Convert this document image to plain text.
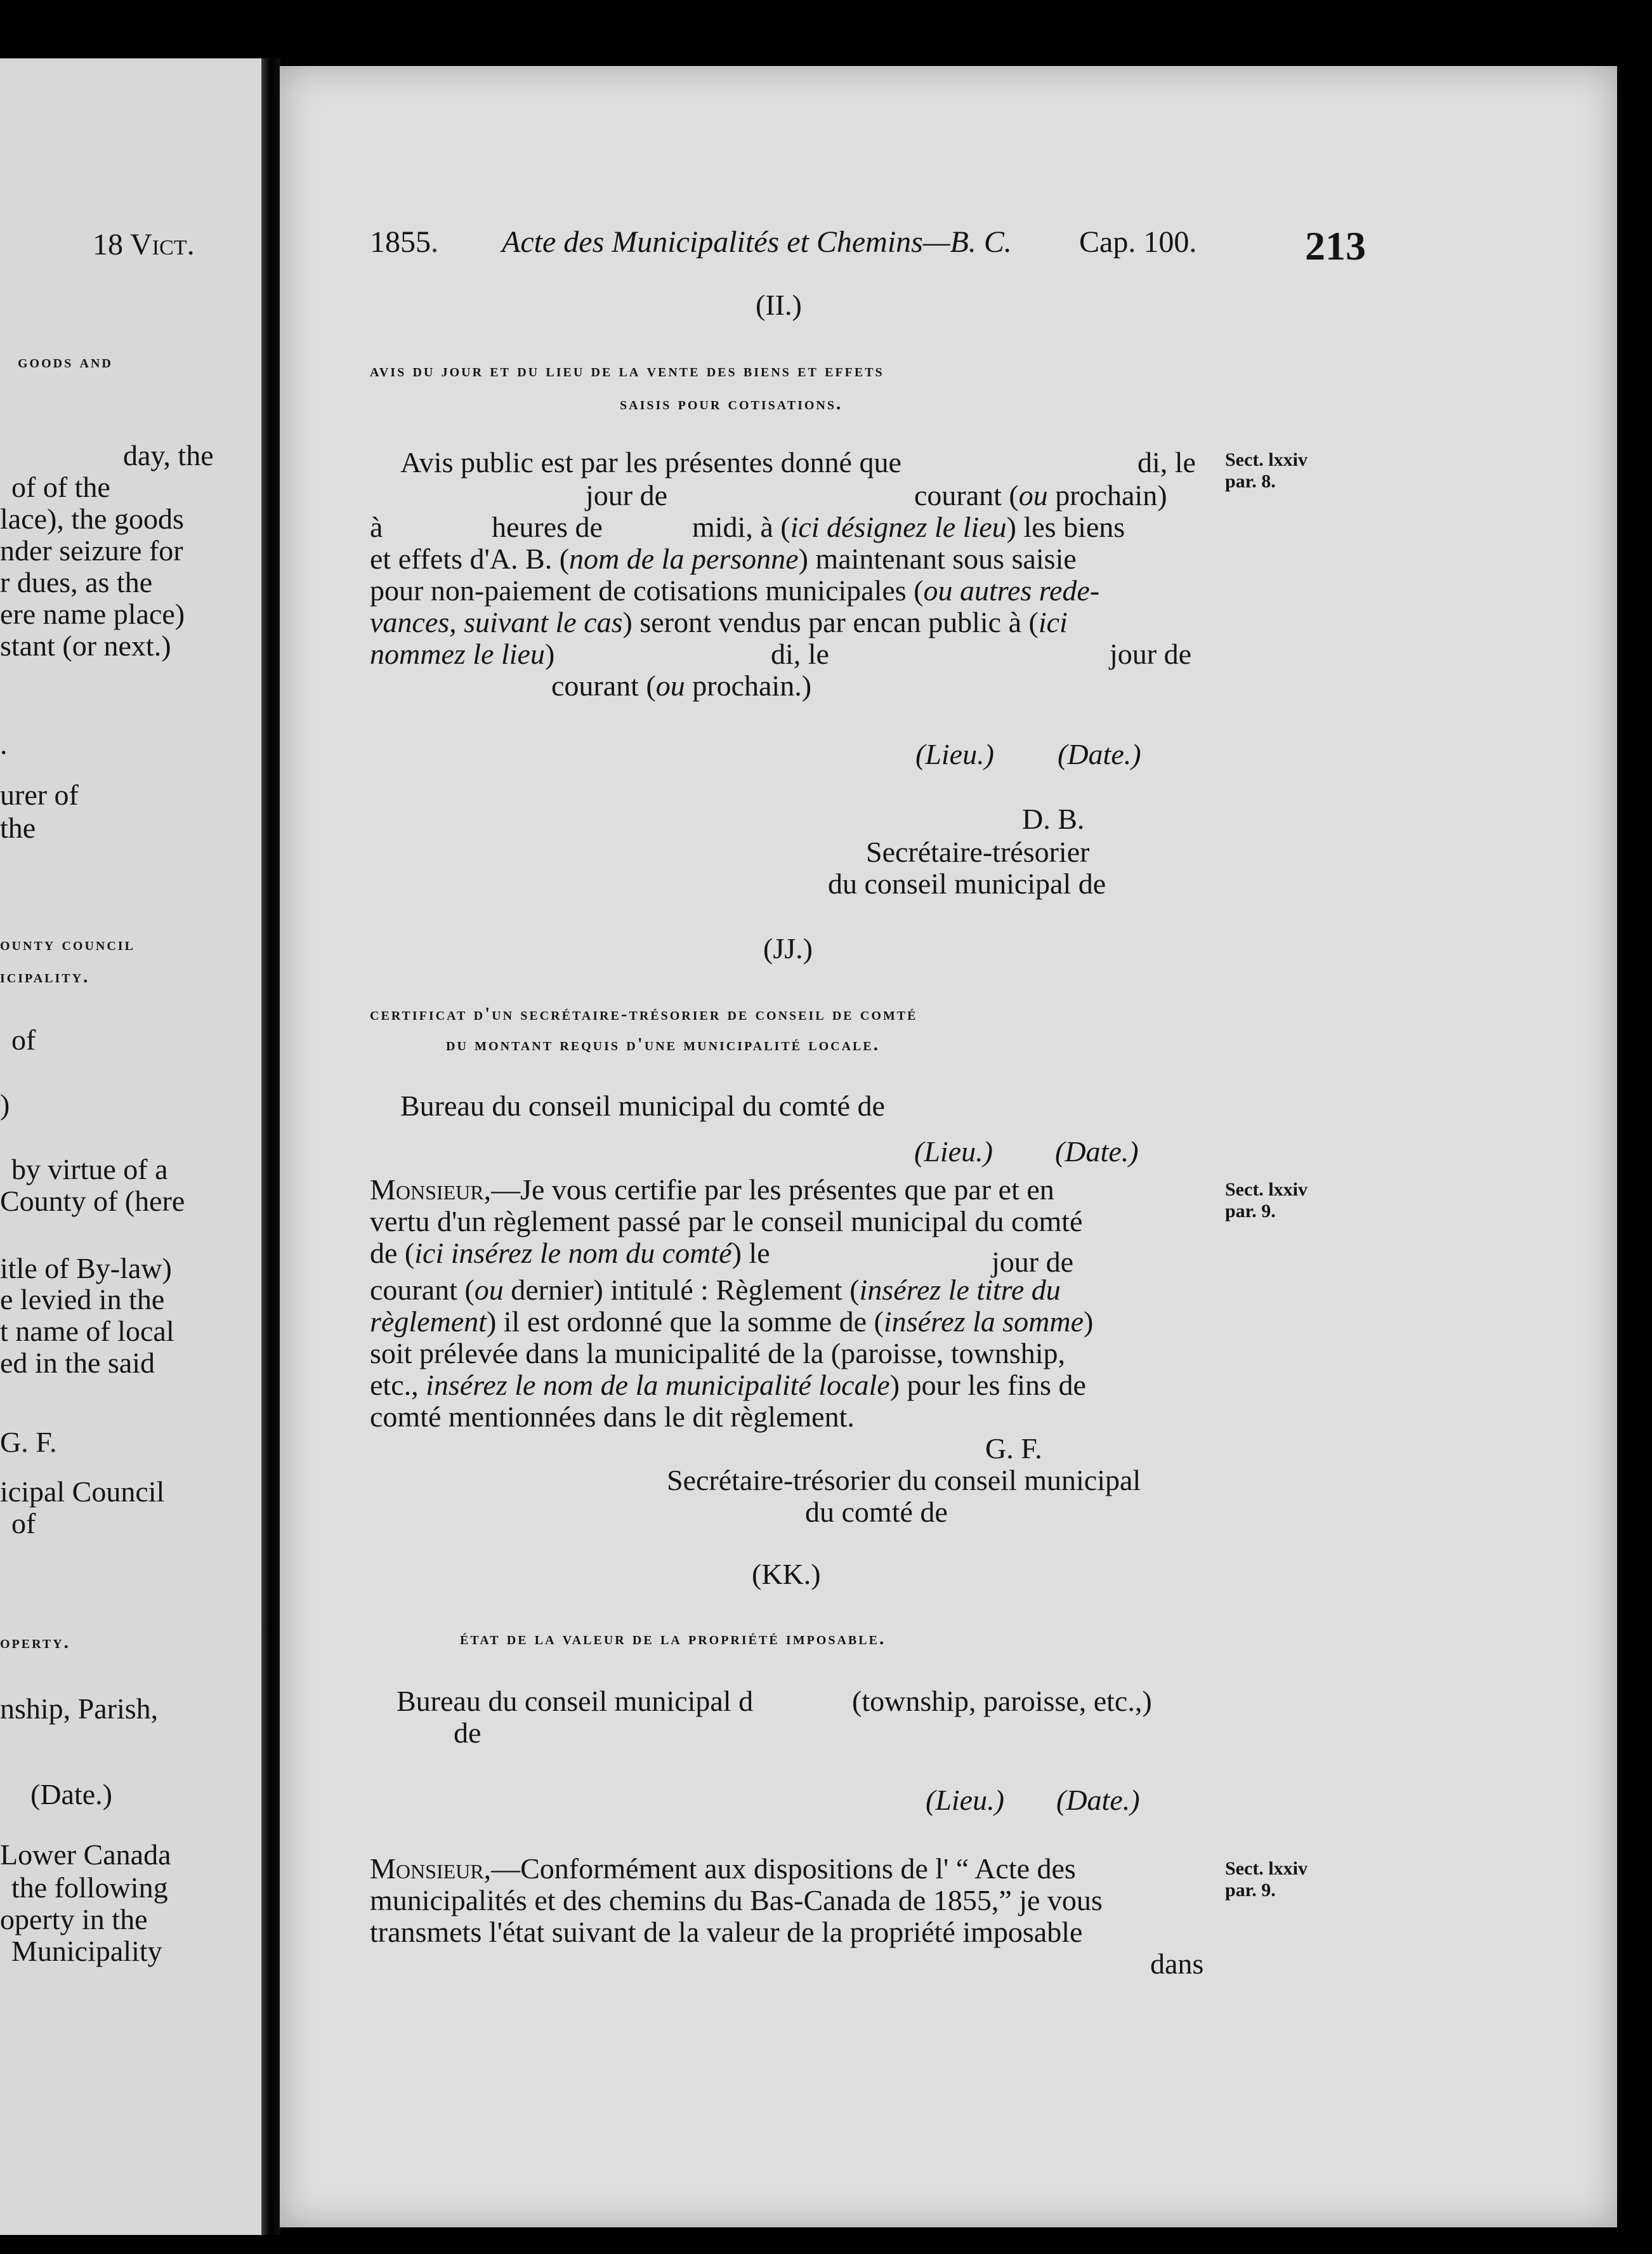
18 Vict.
goods and
day, the
of of the
lace), the goods
nder seizure for
r dues, as the
ere name place)
stant (or next.)
.
urer of
the
ounty council
icipality.
of
)
by virtue of a
County of (here
itle of By-law)
e levied in the
t name of local
ed in the said
G. F.
icipal Council
of
operty.
nship, Parish,
(Date.)
Lower Canada
the following
operty in the
Municipality
1855. Acte des Municipalités et Chemins—B. C. Cap. 100.	213
(II.)
avis du jour et du lieu de la vente des biens et effets
saisis pour cotisations.
Avis public est par les présentes donné que	di, le
jour de	courant (ou prochain)
à	heures de	midi, à (ici désignez le lieu) les biens
et effets d'A. B. (nom de la personne) maintenant sous saisie
pour non-paiement de cotisations municipales (ou autres rede-
vances, suivant le cas) seront vendus par encan public à (ici
nommez le lieu)	di, le	jour de
courant (ou prochain.)
(Lieu.) (Date.)
D. B.
Secrétaire-trésorier
du conseil municipal de
Sect. lxxiv
par. 8.
(JJ.)
certificat d'un secrétaire-trésorier de conseil de comté
du montant requis d'une municipalité locale.
Bureau du conseil municipal du comté de
(Lieu.) (Date.)
Monsieur,—Je vous certifie par les présentes que par et en
vertu d'un règlement passé par le conseil municipal du comté
de (ici insérez le nom du comté) le	jour de
courant (ou dernier) intitulé : Règlement (insérez le titre du
règlement) il est ordonné que la somme de (insérez la somme)
soit prélevée dans la municipalité de la (paroisse, township,
etc., insérez le nom de la municipalité locale) pour les fins de
comté mentionnées dans le dit règlement.
G. F.
Secrétaire-trésorier du conseil municipal
du comté de
Sect. lxxiv
par. 9.
(KK.)
état de la valeur de la propriété imposable.
Bureau du conseil municipal d	(township, paroisse, etc.,)
de
(Lieu.) (Date.)
Monsieur,—Conformément aux dispositions de l' “ Acte des
municipalités et des chemins du Bas-Canada de 1855,” je vous
transmets l'état suivant de la valeur de la propriété imposable
dans
Sect. lxxiv
par. 9.
